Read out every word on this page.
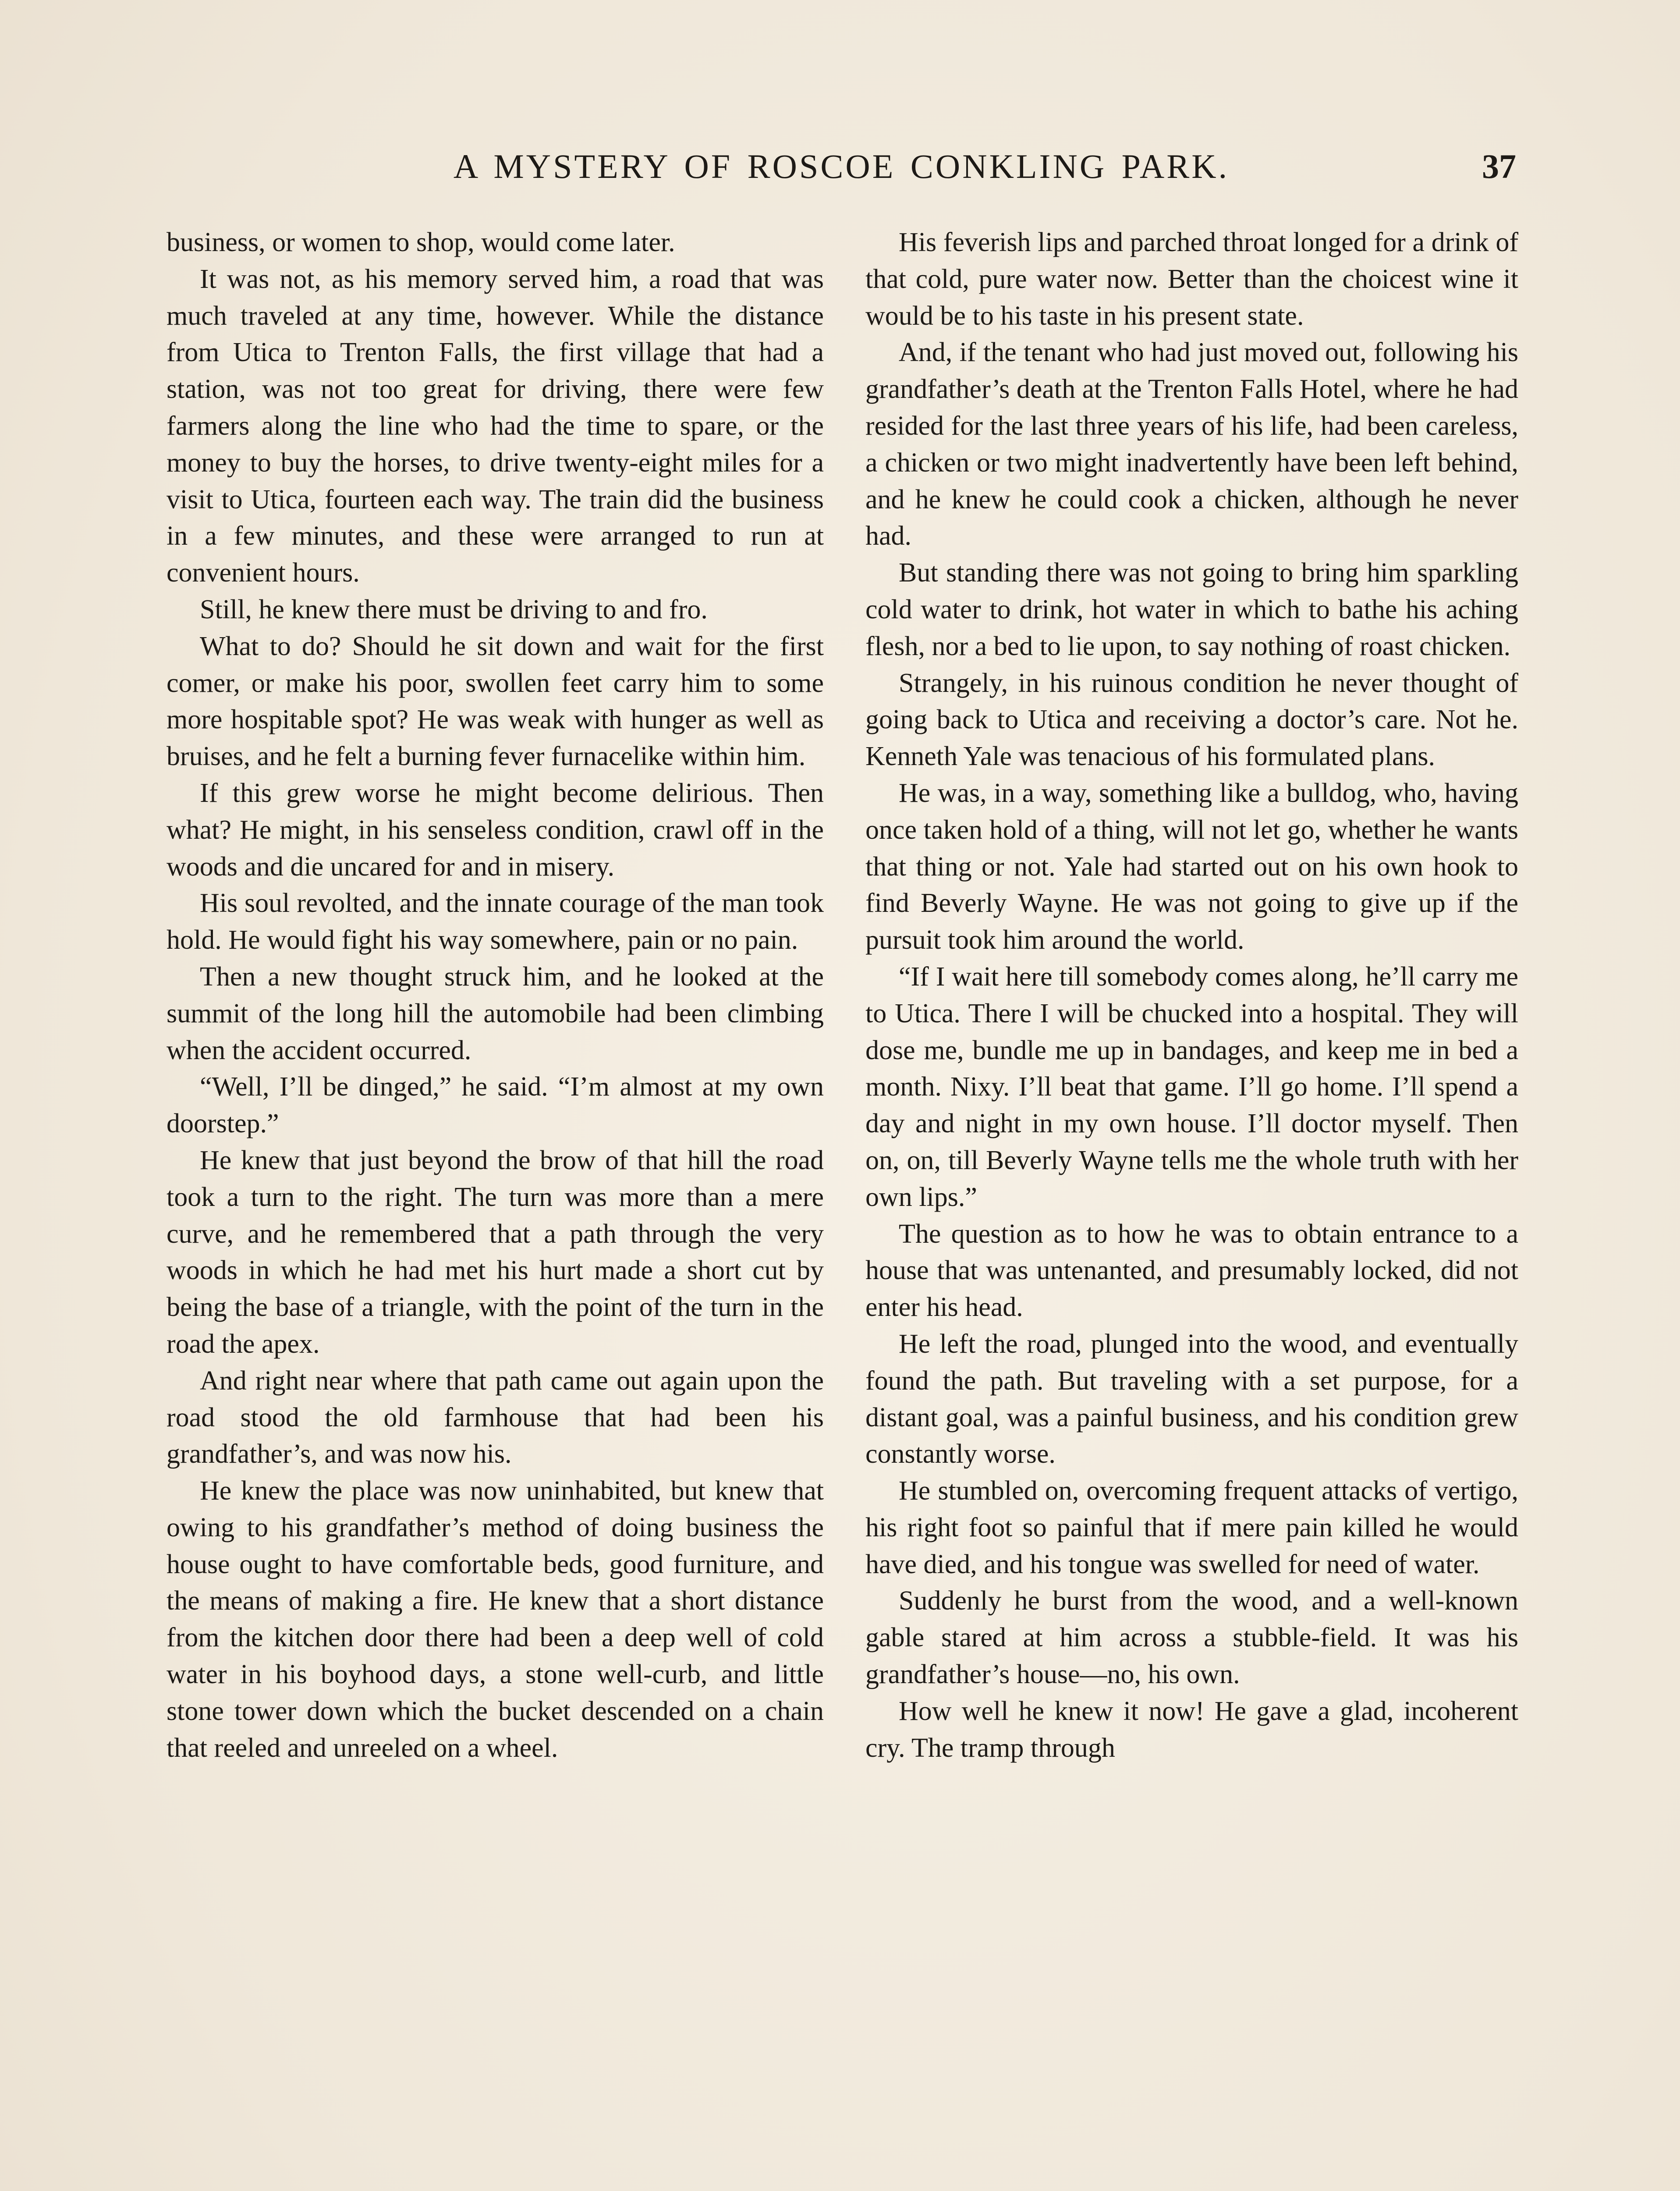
A MYSTERY OF ROSCOE CONKLING PARK.	37

business, or women to shop, would come later.

It was not, as his memory served him, a road that was much traveled at any time, however. While the distance from Utica to Trenton Falls, the first village that had a station, was not too great for driving, there were few farmers along the line who had the time to spare, or the money to buy the horses, to drive twenty-eight miles for a visit to Utica, fourteen each way. The train did the business in a few minutes, and these were arranged to run at convenient hours.

Still, he knew there must be driving to and fro.

What to do? Should he sit down and wait for the first comer, or make his poor, swollen feet carry him to some more hospitable spot? He was weak with hunger as well as bruises, and he felt a burning fever furnacelike within him.

If this grew worse he might become delirious. Then what? He might, in his senseless condition, crawl off in the woods and die uncared for and in misery.

His soul revolted, and the innate courage of the man took hold. He would fight his way somewhere, pain or no pain.

Then a new thought struck him, and he looked at the summit of the long hill the automobile had been climbing when the accident occurred.

“Well, I’ll be dinged,” he said. “I’m almost at my own doorstep.”

He knew that just beyond the brow of that hill the road took a turn to the right. The turn was more than a mere curve, and he remembered that a path through the very woods in which he had met his hurt made a short cut by being the base of a triangle, with the point of the turn in the road the apex.

And right near where that path came out again upon the road stood the old farmhouse that had been his grandfather’s, and was now his.

He knew the place was now uninhabited, but knew that owing to his grandfather’s method of doing business the house ought to have comfortable beds, good furniture, and the means of making a fire. He knew that a short distance from the kitchen door there had been a deep well of cold water in his boyhood days, a stone well-curb, and little stone tower down which the bucket descended on a chain that reeled and unreeled on a wheel.

His feverish lips and parched throat longed for a drink of that cold, pure water now. Better than the choicest wine it would be to his taste in his present state.

And, if the tenant who had just moved out, following his grandfather’s death at the Trenton Falls Hotel, where he had resided for the last three years of his life, had been careless, a chicken or two might inadvertently have been left behind, and he knew he could cook a chicken, although he never had.

But standing there was not going to bring him sparkling cold water to drink, hot water in which to bathe his aching flesh, nor a bed to lie upon, to say nothing of roast chicken.

Strangely, in his ruinous condition he never thought of going back to Utica and receiving a doctor’s care. Not he. Kenneth Yale was tenacious of his formulated plans.

He was, in a way, something like a bulldog, who, having once taken hold of a thing, will not let go, whether he wants that thing or not. Yale had started out on his own hook to find Beverly Wayne. He was not going to give up if the pursuit took him around the world.

“If I wait here till somebody comes along, he’ll carry me to Utica. There I will be chucked into a hospital. They will dose me, bundle me up in bandages, and keep me in bed a month. Nixy. I’ll beat that game. I’ll go home. I’ll spend a day and night in my own house. I’ll doctor myself. Then on, on, till Beverly Wayne tells me the whole truth with her own lips.”

The question as to how he was to obtain entrance to a house that was untenanted, and presumably locked, did not enter his head.

He left the road, plunged into the wood, and eventually found the path. But traveling with a set purpose, for a distant goal, was a painful business, and his condition grew constantly worse.

He stumbled on, overcoming frequent attacks of vertigo, his right foot so painful that if mere pain killed he would have died, and his tongue was swelled for need of water.

Suddenly he burst from the wood, and a well-known gable stared at him across a stubble-field. It was his grandfather’s house—no, his own.

How well he knew it now! He gave a glad, incoherent cry. The tramp through
